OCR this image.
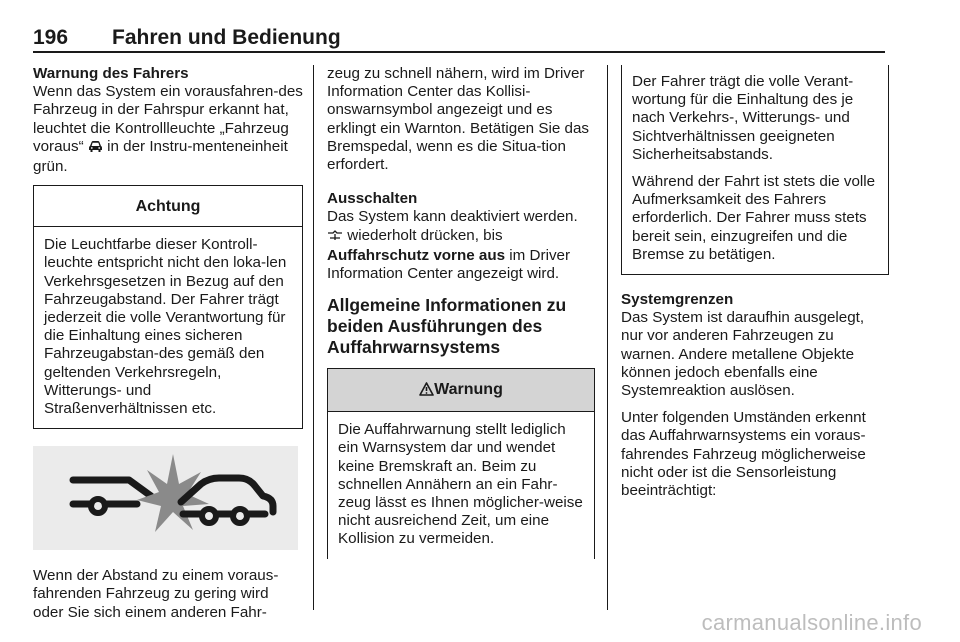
196 Fahren und Bedienung

Warnung des Fahrers

Wenn das System ein vorausfahren-des Fahrzeug in der Fahrspur erkannt hat, leuchtet die Kontrollleuchte „Fahrzeug voraus“ in der Instru-menteneinheit grün.

Achtung

Die Leuchtfarbe dieser Kontroll-leuchte entspricht nicht den loka-len Verkehrsgesetzen in Bezug auf den Fahrzeugabstand. Der Fahrer trägt jederzeit die volle Verantwortung für die Einhaltung eines sicheren Fahrzeugabstan-des gemäß den geltenden Verkehrsregeln, Witterungs- und Straßenverhältnissen etc.

Wenn der Abstand zu einem voraus-fahrenden Fahrzeug zu gering wird oder Sie sich einem anderen Fahr-

zeug zu schnell nähern, wird im Driver Information Center das Kollisi-onswarnsymbol angezeigt und es erklingt ein Warnton. Betätigen Sie das Bremspedal, wenn es die Situa-tion erfordert.

Ausschalten

Das System kann deaktiviert werden.
wiederholt drücken, bis
Auffahrschutz vorne aus im Driver Information Center angezeigt wird.

Allgemeine Informationen zu beiden Ausführungen des Auffahrwarnsystems
Warnung

Die Auffahrwarnung stellt lediglich ein Warnsystem dar und wendet keine Bremskraft an. Beim zu schnellen Annähern an ein Fahr-zeug lässt es Ihnen möglicher-weise nicht ausreichend Zeit, um eine Kollision zu vermeiden.

Der Fahrer trägt die volle Verant-wortung für die Einhaltung des je nach Verkehrs-, Witterungs- und Sichtverhältnissen geeigneten Sicherheitsabstands.

Während der Fahrt ist stets die volle Aufmerksamkeit des Fahrers erforderlich. Der Fahrer muss stets bereit sein, einzugreifen und die Bremse zu betätigen.

Systemgrenzen

Das System ist daraufhin ausgelegt, nur vor anderen Fahrzeugen zu warnen. Andere metallene Objekte können jedoch ebenfalls eine Systemreaktion auslösen.

Unter folgenden Umständen erkennt das Auffahrwarnsystems ein voraus-fahrendes Fahrzeug möglicherweise nicht oder ist die Sensorleistung beeinträchtigt:

carmanualsonline.info
